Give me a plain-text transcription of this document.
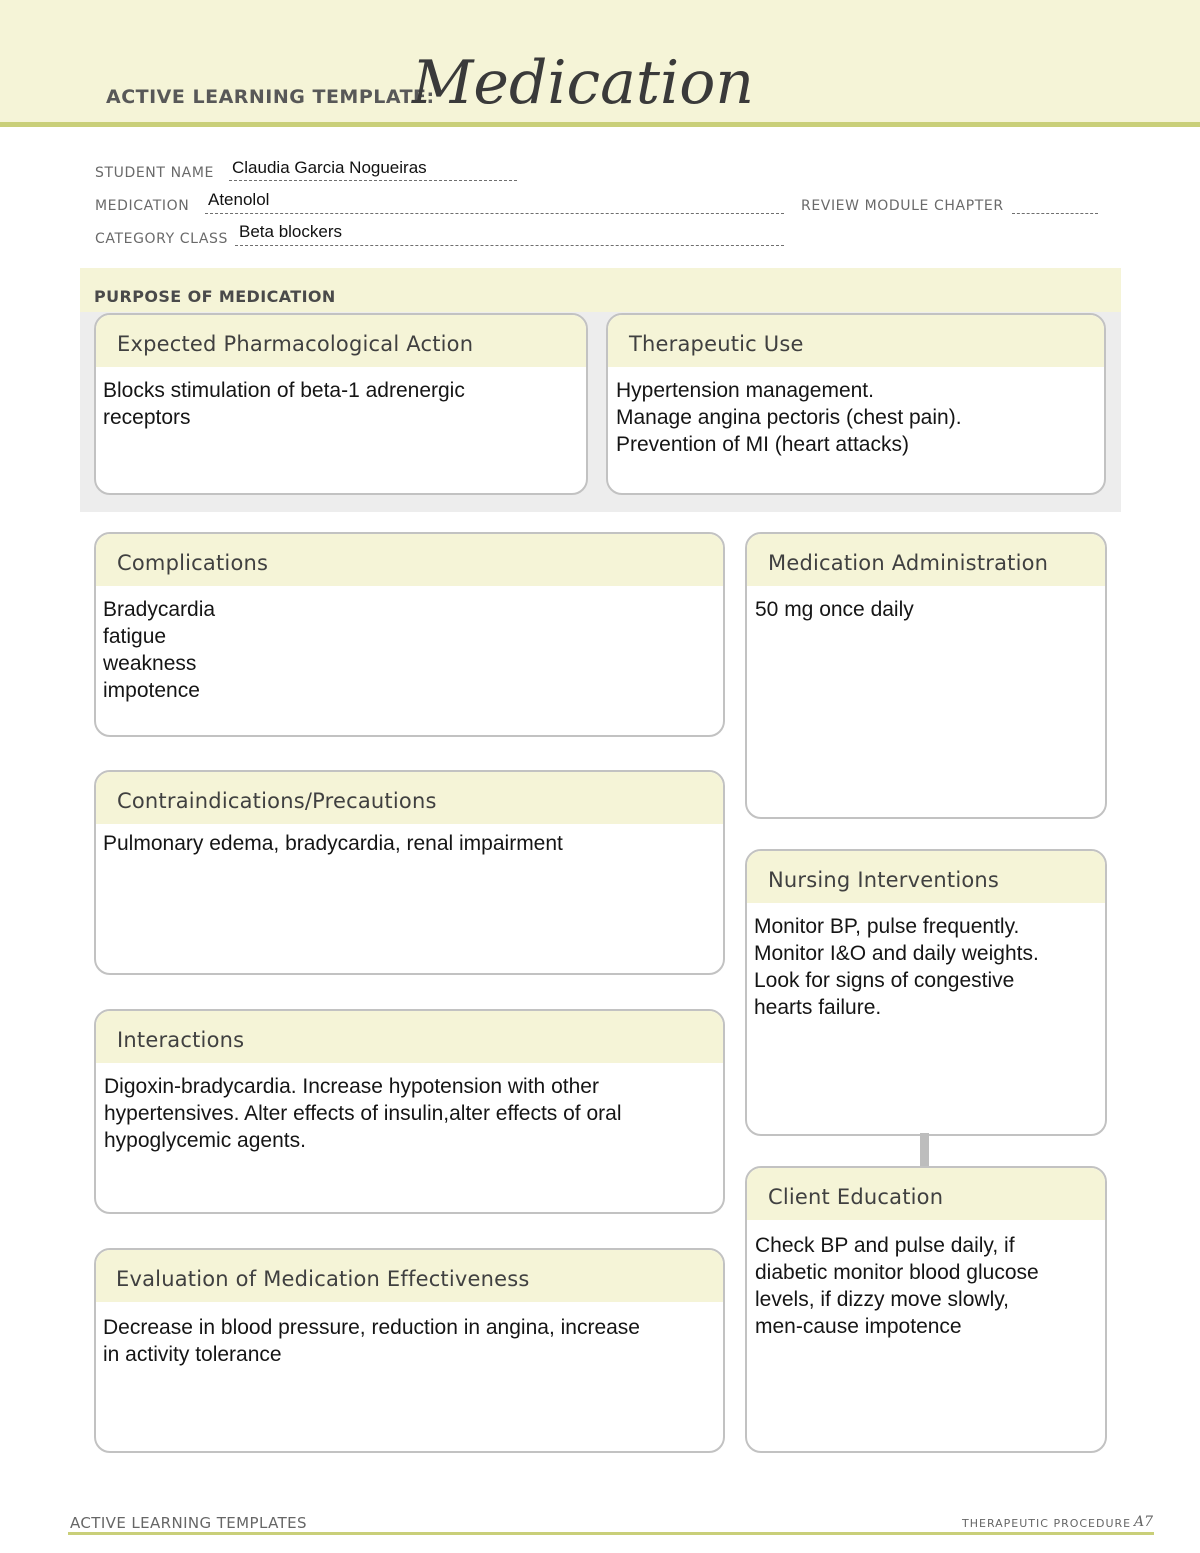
ACTIVE LEARNING TEMPLATE:
Medication
STUDENT NAME Claudia Garcia Nogueiras
MEDICATION Atenolol	REVIEW MODULE CHAPTER
CATEGORY CLASS Beta blockers
PURPOSE OF MEDICATION
Expected Pharmacological Action
Blocks stimulation of beta-1 adrenergic
receptors
Therapeutic Use
Hypertension management.
Manage angina pectoris (chest pain).
Prevention of MI (heart attacks)
Complications
Bradycardia
fatigue
weakness
impotence
Contraindications/Precautions
Pulmonary edema, bradycardia, renal impairment
Interactions
Digoxin-bradycardia. Increase hypotension with other
hypertensives. Alter effects of insulin,alter effects of oral
hypoglycemic agents.
Evaluation of Medication Effectiveness
Decrease in blood pressure, reduction in angina, increase
in activity tolerance
Medication Administration
50 mg once daily
Nursing Interventions
Monitor BP, pulse frequently.
Monitor I&O and daily weights.
Look for signs of congestive
hearts failure.
Client Education
Check BP and pulse daily, if
diabetic monitor blood glucose
levels, if dizzy move slowly,
men-cause impotence
ACTIVE LEARNING TEMPLATES	THERAPEUTIC PROCEDURE A7
